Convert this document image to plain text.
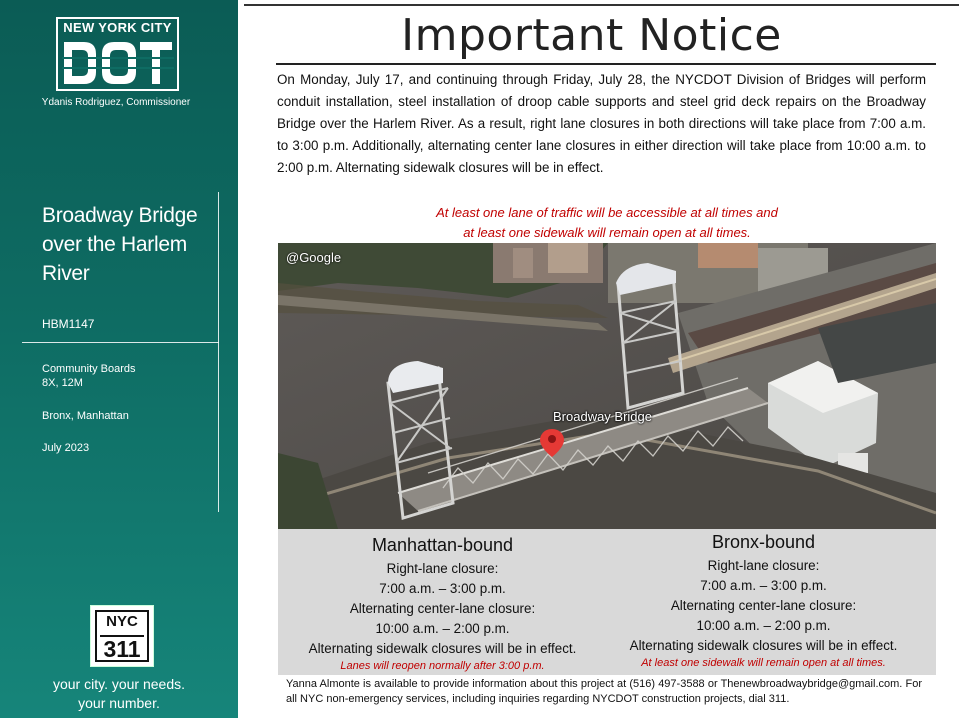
NEW YORK CITY
Ydanis Rodriguez, Commissioner
Broadway Bridge over the Harlem River
HBM1147
Community Boards
8X, 12M
Bronx, Manhattan
July 2023
NYC
311
your city. your needs.
your number.
Important Notice
On Monday, July 17, and continuing through Friday, July 28, the NYCDOT Division of Bridges will perform conduit installation, steel installation of droop cable supports and steel grid deck repairs on the Broadway Bridge over the Harlem River. As a result, right lane closures in both directions will take place from 7:00 a.m. to 3:00 p.m. Additionally, alternating center lane closures in either direction will take place from 10:00 a.m. to 2:00 p.m. Alternating sidewalk closures will be in effect.
At least one lane of traffic will be accessible at all times and
at least one sidewalk will remain open at all times.
@Google
Broadway Bridge
Manhattan-bound
Right-lane closure:
7:00 a.m. – 3:00 p.m.
Alternating center-lane closure:
10:00 a.m. – 2:00 p.m.
Alternating sidewalk closures will be in effect.
Lanes will reopen normally after 3:00 p.m.
Bronx-bound
Right-lane closure:
7:00 a.m. – 3:00 p.m.
Alternating center-lane closure:
10:00 a.m. – 2:00 p.m.
Alternating sidewalk closures will be in effect.
At least one sidewalk will remain open at all times.
Yanna Almonte is available to provide information about this project at (516) 497-3588 or Thenewbroadwaybridge@gmail.com. For all NYC non-emergency services, including inquiries regarding NYCDOT construction projects, dial 311.
